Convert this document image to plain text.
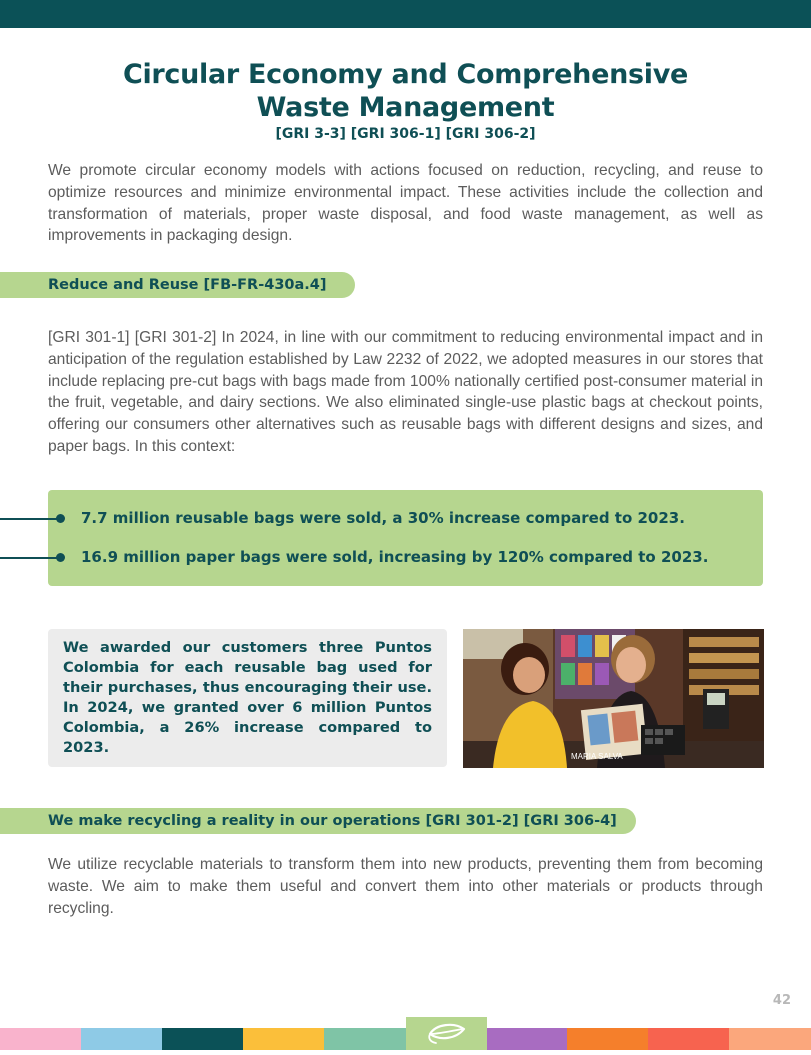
Circular Economy and Comprehensive
Waste Management
[GRI 3-3] [GRI 306-1] [GRI 306-2]

We promote circular economy models with actions focused on reduction, recycling, and reuse to optimize resources and minimize environmental impact. These activities include the collection and transformation of materials, proper waste disposal, and food waste management, as well as improvements in packaging design.

Reduce and Reuse [FB-FR-430a.4]

[GRI 301-1] [GRI 301-2] In 2024, in line with our commitment to reducing environmental impact and in anticipation of the regulation established by Law 2232 of 2022, we adopted measures in our stores that include replacing pre-cut bags with bags made from 100% nationally certified post-consumer material in the fruit, vegetable, and dairy sections. We also eliminated single-use plastic bags at checkout points, offering our consumers other alternatives such as reusable bags with different designs and sizes, and paper bags. In this context:

7.7 million reusable bags were sold, a 30% increase compared to 2023.
16.9 million paper bags were sold, increasing by 120% compared to 2023.

We awarded our customers three Puntos Colombia for each reusable bag used for their purchases, thus encouraging their use. In 2024, we granted over 6 million Puntos Colombia, a 26% increase compared to 2023.

MARIA SALVA
We make recycling a reality in our operations [GRI 301-2] [GRI 306-4]

We utilize recyclable materials to transform them into new products, preventing them from becoming waste. We aim to make them useful and convert them into other materials or products through recycling.

42
